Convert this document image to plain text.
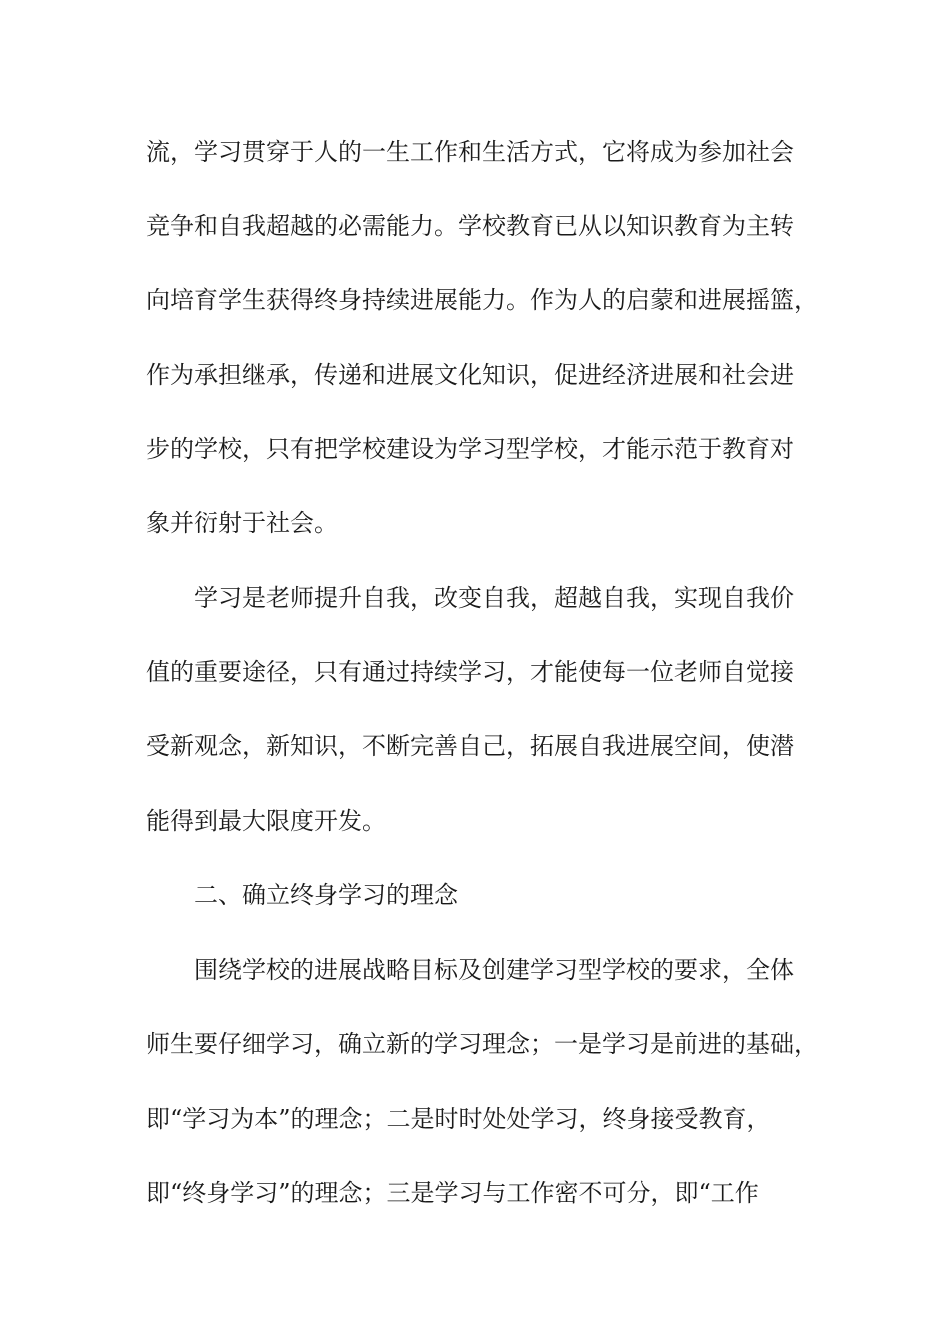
流，学习贯穿于人的一生工作和生活方式，它将成为参加社会
竞争和自我超越的必需能力。学校教育已从以知识教育为主转
向培育学生获得终身持续进展能力。作为人的启蒙和进展摇篮，
作为承担继承，传递和进展文化知识，促进经济进展和社会进
步的学校，只有把学校建设为学习型学校，才能示范于教育对
象并衍射于社会。
学习是老师提升自我，改变自我，超越自我，实现自我价
值的重要途径，只有通过持续学习，才能使每一位老师自觉接
受新观念，新知识，不断完善自己，拓展自我进展空间，使潜
能得到最大限度开发。
二、确立终身学习的理念
围绕学校的进展战略目标及创建学习型学校的要求，全体
师生要仔细学习，确立新的学习理念；一是学习是前进的基础，
即“学习为本”的理念；二是时时处处学习，终身接受教育，
即“终身学习”的理念；三是学习与工作密不可分，即“工作
